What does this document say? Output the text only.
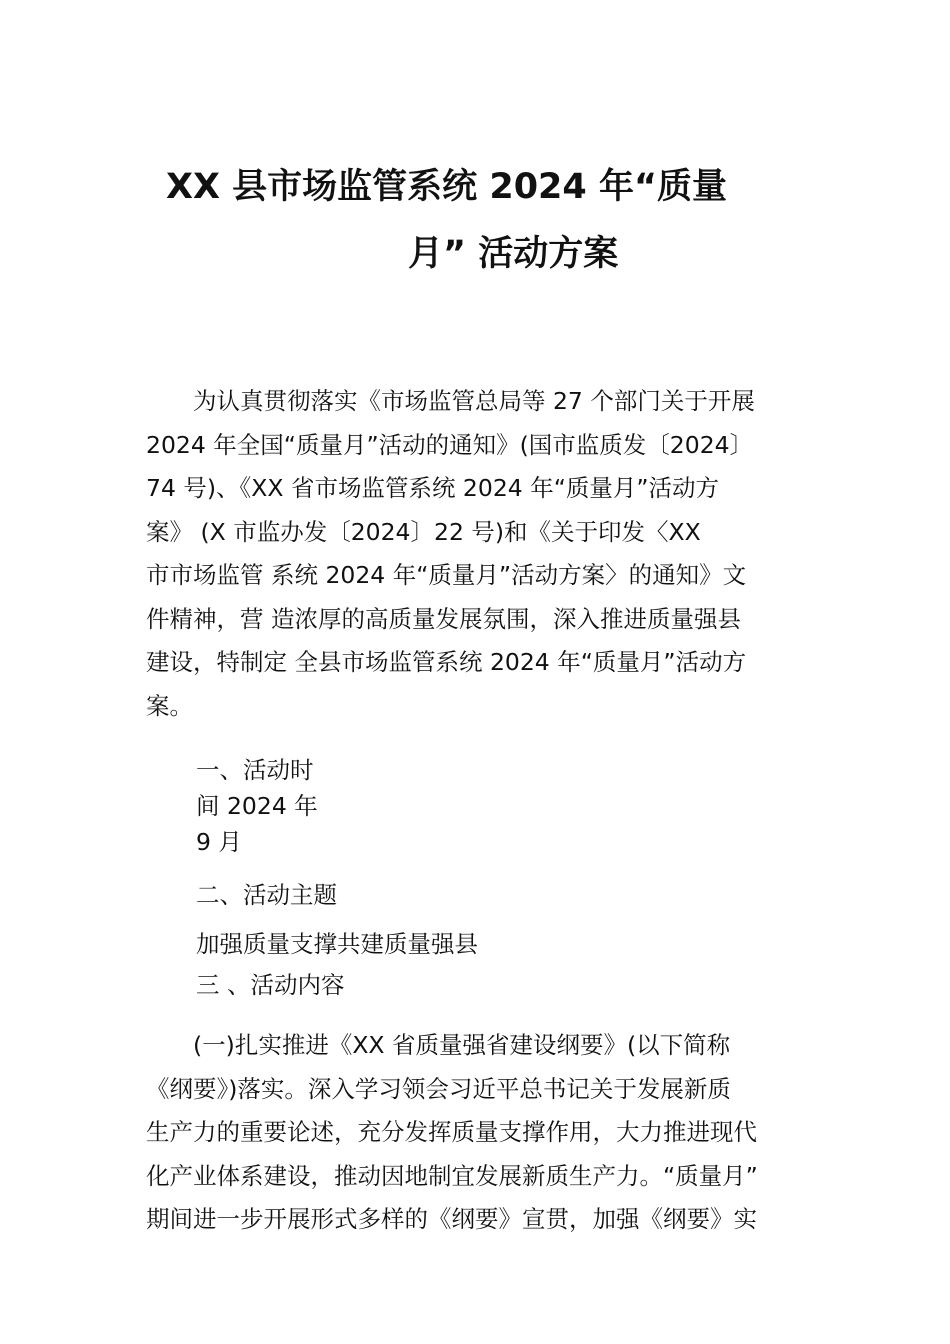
XX 县市场监管系统 2024 年“质量
月” 活动方案
　　为认真贯彻落实《市场监管总局等 27 个部门关于开展
2024 年全国“质量月”活动的通知》(国市监质发〔2024〕
74 号)、《XX 省市场监管系统 2024 年“质量月”活动方
案》 (X 市监办发〔2024〕22 号)和《关于印发〈XX
市市场监管 系统 2024 年“质量月”活动方案〉的通知》文
件精神，营 造浓厚的高质量发展氛围，深入推进质量强县
建设，特制定 全县市场监管系统 2024 年“质量月”活动方
案。
一、活动时
间 2024 年
9 月
二、活动主题
加强质量支撑共建质量强县
三 、活动内容
　　(一)扎实推进《XX 省质量强省建设纲要》(以下简称
《纲要》)落实。深入学习领会习近平总书记关于发展新质
生产力的重要论述，充分发挥质量支撑作用，大力推进现代
化产业体系建设，推动因地制宜发展新质生产力。“质量月”
期间进一步开展形式多样的《纲要》宣贯，加强《纲要》实
